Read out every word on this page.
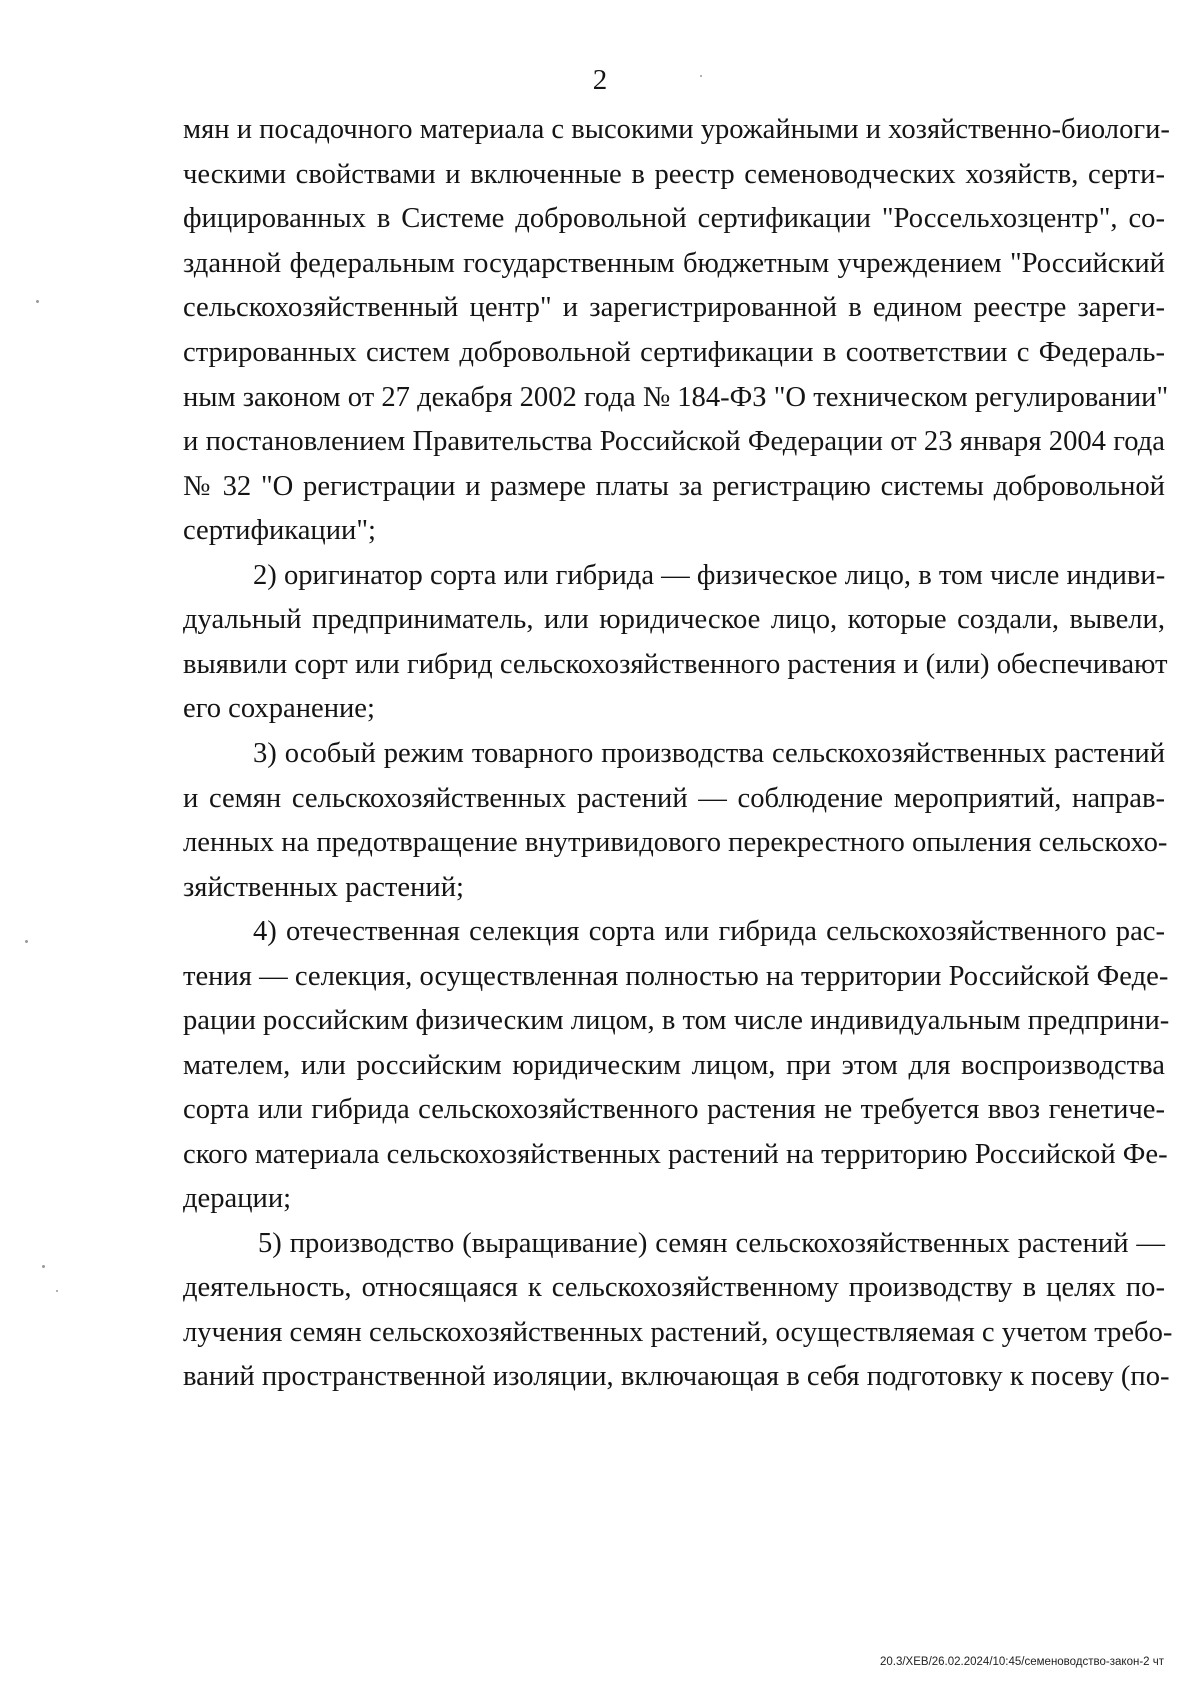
2
мян и посадочного материала с высокими урожайными и хозяйственно-биологи-
ческими свойствами и включенные в реестр семеноводческих хозяйств, серти-
фицированных в Системе добровольной сертификации "Россельхозцентр", со-
зданной федеральным государственным бюджетным учреждением "Российский
сельскохозяйственный центр" и зарегистрированной в едином реестре зареги-
стрированных систем добровольной сертификации в соответствии с Федераль-
ным законом от 27 декабря 2002 года № 184-ФЗ "О техническом регулировании"
и постановлением Правительства Российской Федерации от 23 января 2004 года
№ 32 "О регистрации и размере платы за регистрацию системы добровольной
сертификации";
2) оригинатор сорта или гибрида — физическое лицо, в том числе индиви-
дуальный предприниматель, или юридическое лицо, которые создали, вывели,
выявили сорт или гибрид сельскохозяйственного растения и (или) обеспечивают
его сохранение;
3) особый режим товарного производства сельскохозяйственных растений
и семян сельскохозяйственных растений — соблюдение мероприятий, направ-
ленных на предотвращение внутривидового перекрестного опыления сельскохо-
зяйственных растений;
4) отечественная селекция сорта или гибрида сельскохозяйственного рас-
тения — селекция, осуществленная полностью на территории Российской Феде-
рации российским физическим лицом, в том числе индивидуальным предприни-
мателем, или российским юридическим лицом, при этом для воспроизводства
сорта или гибрида сельскохозяйственного растения не требуется ввоз генетиче-
ского материала сельскохозяйственных растений на территорию Российской Фе-
дерации;
5) производство (выращивание) семян сельскохозяйственных растений —
деятельность, относящаяся к сельскохозяйственному производству в целях по-
лучения семян сельскохозяйственных растений, осуществляемая с учетом требо-
ваний пространственной изоляции, включающая в себя подготовку к посеву (по-
20.3/ХЕВ/26.02.2024/10:45/семеноводство-закон-2 чт
